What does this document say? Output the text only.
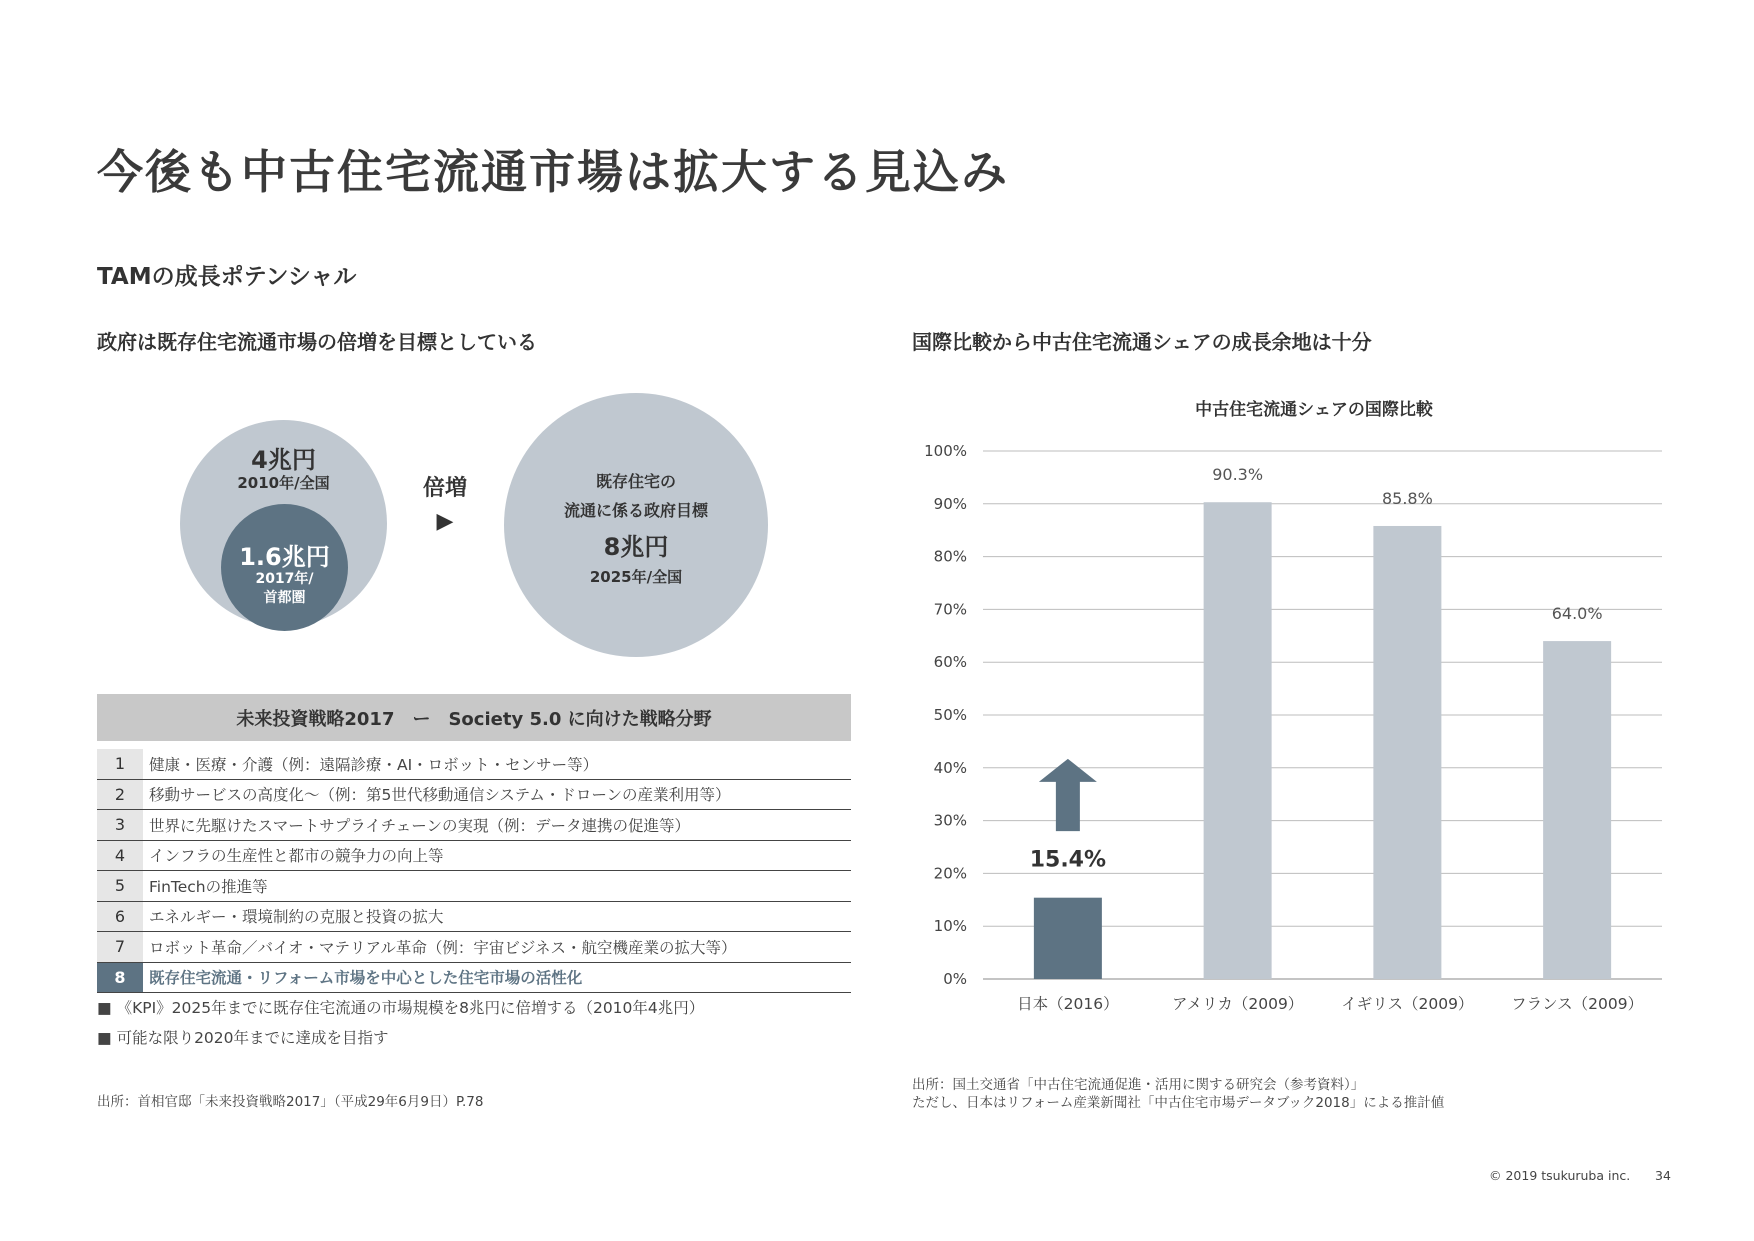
今後も中古住宅流通市場は拡大する見込み
TAMの成長ポテンシャル
政府は既存住宅流通市場の倍増を目標としている
4兆円
2010年/全国
1.6兆円
2017年/
首都圏
倍増
▶
既存住宅の
流通に係る政府目標
8兆円
2025年/全国
未来投資戦略2017　ー　Society 5.0 に向けた戦略分野
1	健康・医療・介護（例：遠隔診療・AI・ロボット・センサー等）
2	移動サービスの高度化〜（例：第5世代移動通信システム・ドローンの産業利用等）
3	世界に先駆けたスマートサプライチェーンの実現（例：データ連携の促進等）
4	インフラの生産性と都市の競争力の向上等
5	FinTechの推進等
6	エネルギー・環境制約の克服と投資の拡大
7	ロボット革命／バイオ・マテリアル革命（例：宇宙ビジネス・航空機産業の拡大等）
8	既存住宅流通・リフォーム市場を中心とした住宅市場の活性化
■ 《KPI》2025年までに既存住宅流通の市場規模を8兆円に倍増する（2010年4兆円）
■ 可能な限り2020年までに達成を目指す
出所：首相官邸「未来投資戦略2017」（平成29年6月9日）P.78
国際比較から中古住宅流通シェアの成長余地は十分
0%
10%
20%
30%
40%
50%
60%
70%
80%
90%
100%
15.4%
90.3%
85.8%
64.0%
日本（2016）	アメリカ（2009） イギリス（2009） フランス（2009）
中古住宅流通シェアの国際比較
出所：国土交通省「中古住宅流通促進・活用に関する研究会（参考資料）」
ただし、日本はリフォーム産業新聞社「中古住宅市場データブック2018」による推計値
© 2019 tsukuruba inc. 34
